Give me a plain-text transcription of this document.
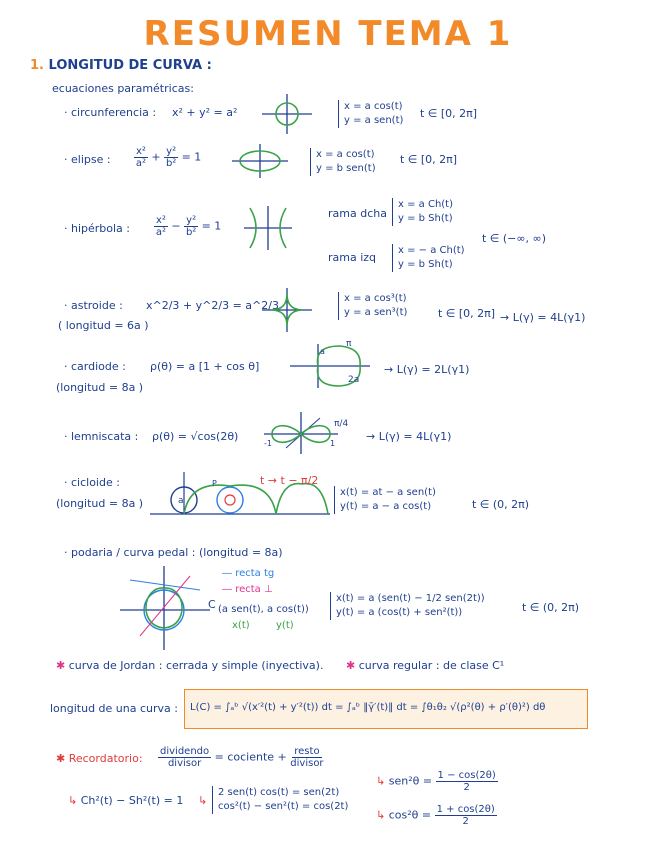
RESUMEN TEMA 1
1. LONGITUD DE CURVA :
ecuaciones paramétricas:
· circunferencia : x² + y² = a²	x = a cos(t)
y = a sen(t)
t ∈ [0, 2π]
· elipse : $\frac{\text{x²}}{\text{a²}} + \frac{\text{y²}}{\text{b²}} = 1$	x = a cos(t)
y = b sen(t)
t ∈ [0, 2π]
· hipérbola : $\frac{\text{x²}}{\text{a²}} - \frac{\text{y²}}{\text{b²}} = 1$
rama dcha
x = a Ch(t)
y = b Sh(t)
rama izq
x = − a Ch(t)
y = b Sh(t)
t ∈ (−∞, ∞)
· astroide : x^2/3 + y^2/3 = a^2/3
( longitud = 6a )
x = a cos³(t)
y = a sen³(t)	t ∈ [0, 2π] → L(γ) = 4L(γ1)
· cardiode : ρ(θ) = a [1 + cos θ]
(longitud = 8a )
π
2a
a
→ L(γ) = 2L(γ1)
· lemniscata : ρ(θ) = √cos(2θ)
π/4
-1	1
→ L(γ) = 4L(γ1)
· cicloide :
(longitud = 8a )	a
P	t → t − π/2
x(t) = at − a sen(t)
y(t) = a − a cos(t)	t ∈ (0, 2π)
· podaria / curva pedal : (longitud = 8a)
C
― recta tg
― recta ⊥
(a sen(t), a cos(t))
x(t)	y(t)
x(t) = a (sen(t) − 1/2 sen(2t))
y(t) = a (cos(t) + sen²(t))	t ∈ (0, 2π)
✱ curva de Jordan : cerrada y simple (inyectiva). ✱ curva regular : de clase C¹
longitud de una curva : L(C) = ∫ₐᵇ √(x′²(t) + y′²(t)) dt = ∫ₐᵇ ‖γ̄′(t)‖ dt = ∫θ₁θ₂ √(ρ²(θ) + ρ′(θ)²) dθ
✱ Recordatorio: $\frac{\text{dividendo}}{\text{divisor}}$ = cociente + $\frac{\text{resto}}{\text{divisor}}$
↳ Ch²(t) − Sh²(t) = 1 ↳
2 sen(t) cos(t) = sen(2t)
cos²(t) − sen²(t) = cos(2t)
↳ $sen^2\theta = \frac{1 - \cos(2\theta)}{2}$
↳ $\cos^2\theta = \frac{1 + \cos(2\theta)}{2}$
